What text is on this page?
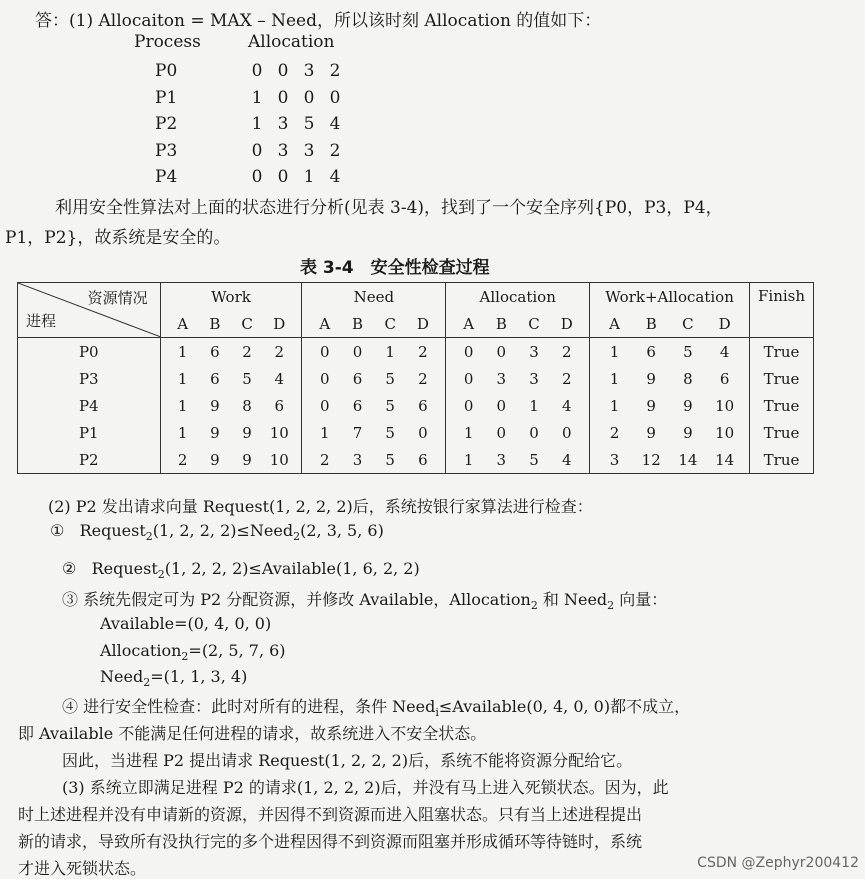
答：(1) Allocaiton = MAX – Need，所以该时刻 Allocation 的值如下：
Process	Allocation
P0	0 0 3 2
P1	1 0 0 0
P2	1 3 5 4
P3	0 3 3 2
P4	0 0 1 4
利用安全性算法对上面的状态进行分析(见表 3-4)，找到了一个安全序列{P0，P3，P4，
P1，P2}，故系统是安全的。
表 3-4　安全性检查过程
资源情况
进程	Work	Need	Allocation	Work+Allocation	Finish

	A B C D	A B C D	A B C D	A B C D	

P0	1 6 2 2	0 0 1 2	0 0 3 2	1 6 5 4	True
P3	1 6 5 4	0 6 5 2	0 3 3 2	1 9 8 6	True
P4	1 9 8 6	0 6 5 6	0 0 1 4	1 9 9 10	True
P1	1 9 9 10	1 7 5 0	1 0 0 0	2 9 9 10	True
P2	2 9 9 10	2 3 5 6	1 3 5 4	3 12 14 14	True
(2) P2 发出请求向量 Request(1, 2, 2, 2)后，系统按银行家算法进行检查：
① Request$_2$(1, 2, 2, 2)≤Need$_2$(2, 3, 5, 6)
② Request$_2$(1, 2, 2, 2)≤Available(1, 6, 2, 2)
③ 系统先假定可为 P2 分配资源，并修改 Available，Allocation$_2$ 和 Need$_2$ 向量：
Available=(0, 4, 0, 0)
Allocation$_2$=(2, 5, 7, 6)
Need$_2$=(1, 1, 3, 4)
④ 进行安全性检查：此时对所有的进程，条件 Need$_i$≤Available(0, 4, 0, 0)都不成立，
即 Available 不能满足任何进程的请求，故系统进入不安全状态。
因此，当进程 P2 提出请求 Request(1, 2, 2, 2)后，系统不能将资源分配给它。
(3) 系统立即满足进程 P2 的请求(1, 2, 2, 2)后，并没有马上进入死锁状态。因为，此
时上述进程并没有申请新的资源，并因得不到资源而进入阻塞状态。只有当上述进程提出
新的请求，导致所有没执行完的多个进程因得不到资源而阻塞并形成循环等待链时，系统
才进入死锁状态。	CSDN @Zephyr200412
